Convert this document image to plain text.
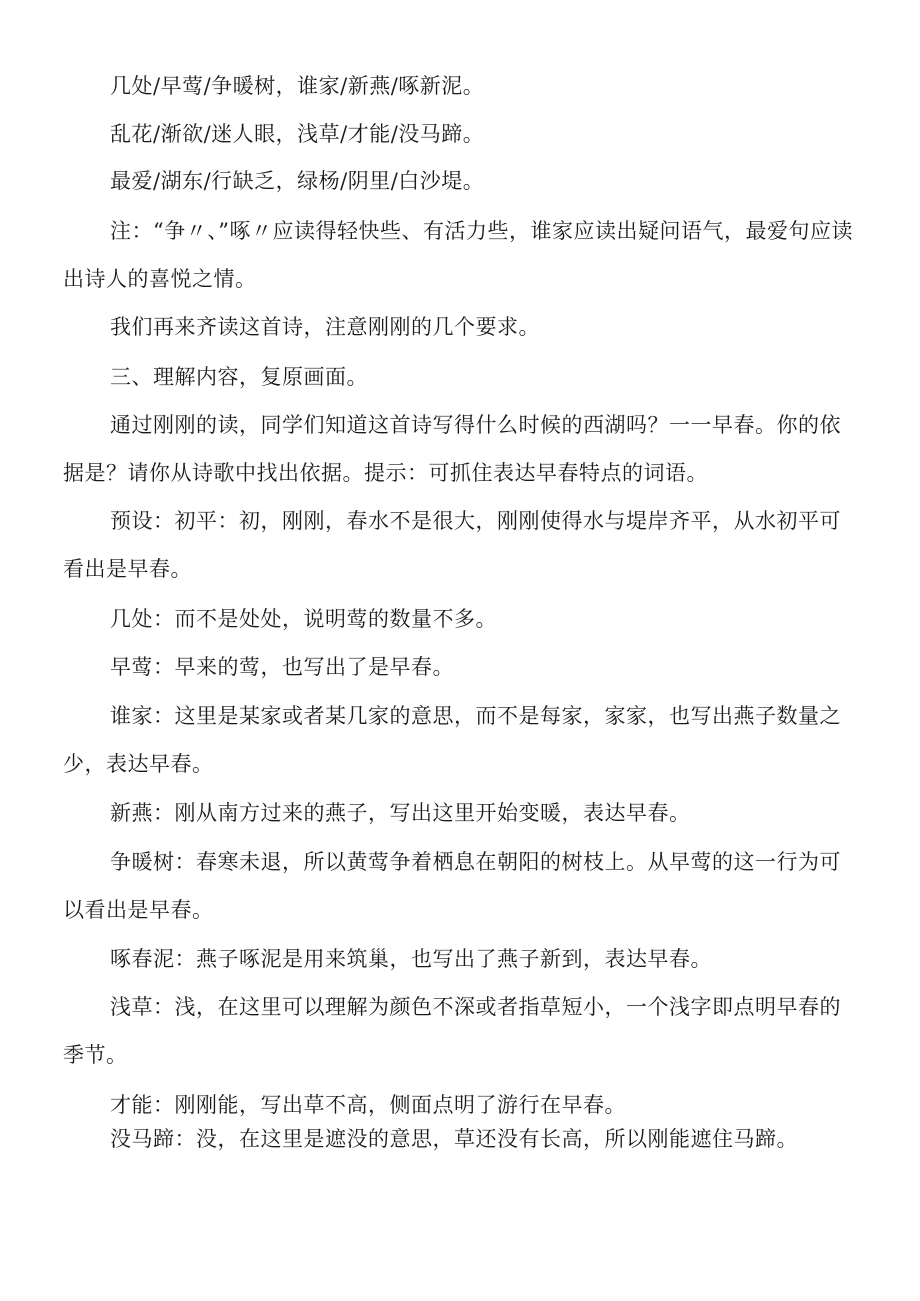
几处/早莺/争暖树，谁家/新燕/啄新泥。

乱花/渐欲/迷人眼，浅草/才能/没马蹄。

最爱/湖东/行缺乏，绿杨/阴里/白沙堤。

注：“争〃、”啄〃应读得轻快些、有活力些，谁家应读出疑问语气，最爱句应读出诗人的喜悦之情。

我们再来齐读这首诗，注意刚刚的几个要求。

三、理解内容，复原画面。

通过刚刚的读，同学们知道这首诗写得什么时候的西湖吗？一一早春。你的依据是？请你从诗歌中找出依据。提示：可抓住表达早春特点的词语。

预设：初平：初，刚刚，春水不是很大，刚刚使得水与堤岸齐平，从水初平可看出是早春。

几处：而不是处处，说明莺的数量不多。

早莺：早来的莺，也写出了是早春。

谁家：这里是某家或者某几家的意思，而不是每家，家家，也写出燕子数量之少，表达早春。

新燕：刚从南方过来的燕子，写出这里开始变暖，表达早春。

争暖树：春寒未退，所以黄莺争着栖息在朝阳的树枝上。从早莺的这一行为可以看出是早春。

啄春泥：燕子啄泥是用来筑巢，也写出了燕子新到，表达早春。

浅草：浅，在这里可以理解为颜色不深或者指草短小，一个浅字即点明早春的季节。

才能：刚刚能，写出草不高，侧面点明了游行在早春。

没马蹄：没，在这里是遮没的意思，草还没有长高，所以刚能遮住马蹄。
